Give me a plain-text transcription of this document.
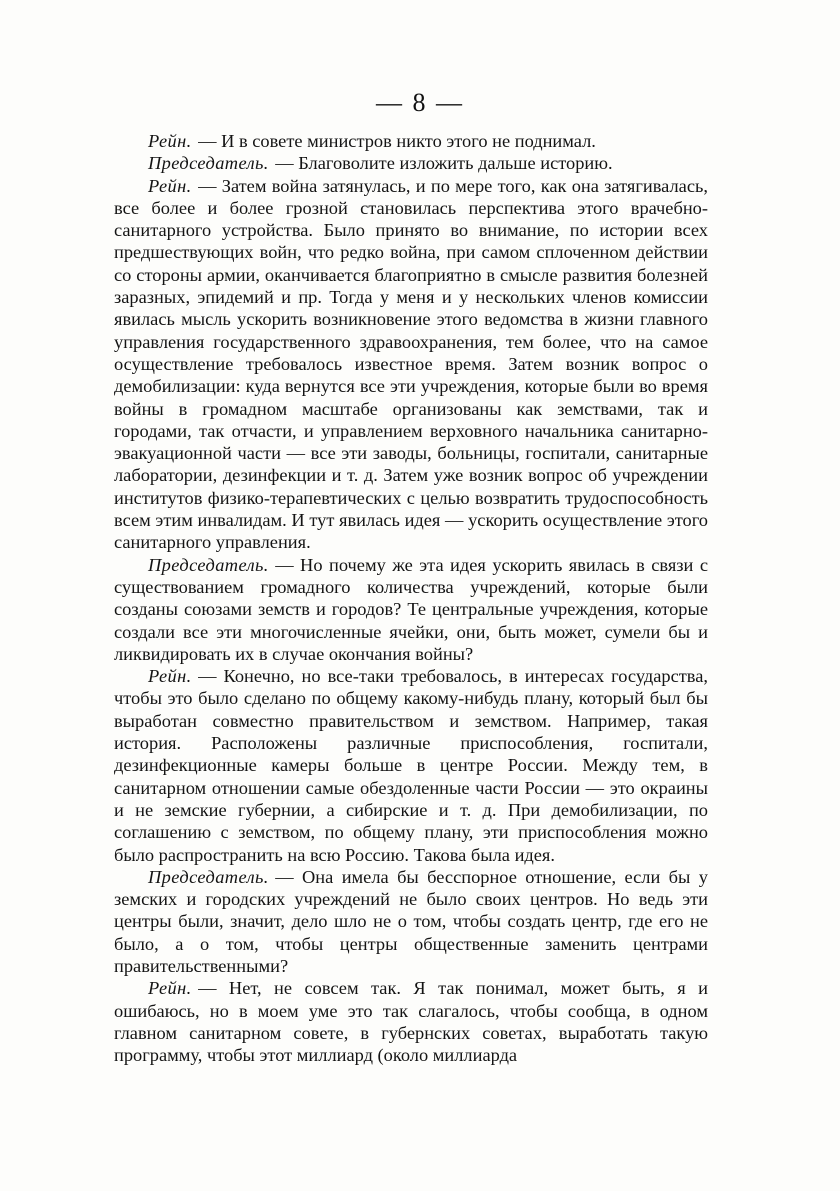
— 8 —

Рейн. — И в совете министров никто этого не поднимал.

Председатель. — Благоволите изложить дальше историю.

Рейн. — Затем война затянулась, и по мере того, как она затягивалась, все более и более грозной становилась перспектива этого врачебно-санитарного устройства. Было принято во внимание, по истории всех предшествующих войн, что редко война, при самом сплоченном действии со стороны армии, оканчивается благоприятно в смысле развития болезней заразных, эпидемий и пр. Тогда у меня и у нескольких членов комиссии явилась мысль ускорить возникновение этого ведомства в жизни главного управления государственного здравоохранения, тем более, что на самое осуществление требовалось известное время. Затем возник вопрос о демобилизации: куда вернутся все эти учреждения, которые были во время войны в громадном масштабе организованы как земствами, так и городами, так отчасти, и управлением верховного начальника санитарно-эвакуационной части — все эти заводы, больницы, госпитали, санитарные лаборатории, дезинфекции и т. д. Затем уже возник вопрос об учреждении институтов физико-терапевтических с целью возвратить трудоспособность всем этим инвалидам. И тут явилась идея — ускорить осуществление этого санитарного управления.

Председатель. — Но почему же эта идея ускорить явилась в связи с существованием громадного количества учреждений, которые были созданы союзами земств и городов? Те центральные учреждения, которые создали все эти многочисленные ячейки, они, быть может, сумели бы и ликвидировать их в случае окончания войны?

Рейн. — Конечно, но все-таки требовалось, в интересах государства, чтобы это было сделано по общему какому-нибудь плану, который был бы выработан совместно правительством и земством. Например, такая история. Расположены различные приспособления, госпитали, дезинфекционные камеры больше в центре России. Между тем, в санитарном отношении самые обездоленные части России — это окраины и не земские губернии, а сибирские и т. д. При демобилизации, по соглашению с земством, по общему плану, эти приспособления можно было распространить на всю Россию. Такова была идея.

Председатель. — Она имела бы бесспорное отношение, если бы у земских и городских учреждений не было своих центров. Но ведь эти центры были, значит, дело шло не о том, чтобы создать центр, где его не было, а о том, чтобы центры общественные заменить центрами правительственными?

Рейн. — Нет, не совсем так. Я так понимал, может быть, я и ошибаюсь, но в моем уме это так слагалось, чтобы сообща, в одном главном санитарном совете, в губернских советах, выработать такую программу, чтобы этот миллиард (около миллиарда
